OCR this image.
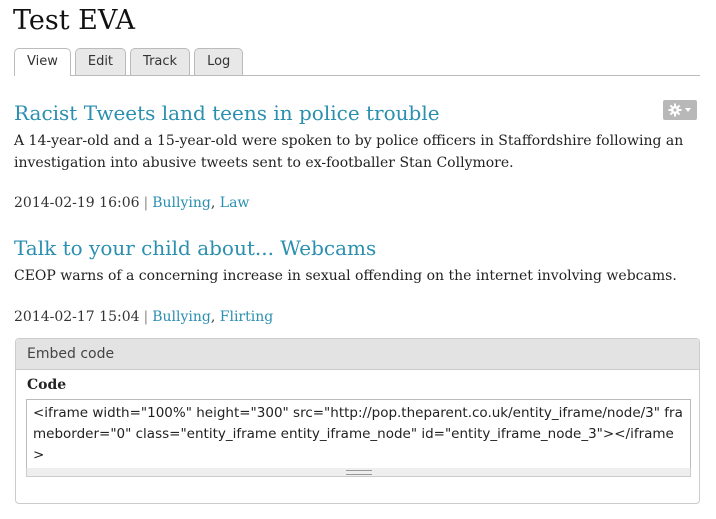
Test EVA
View	Edit	Track	Log
Racist Tweets land teens in police trouble

A 14-year-old and a 15-year-old were spoken to by police officers in Staffordshire following an investigation into abusive tweets sent to ex-footballer Stan Collymore.

2014-02-19 16:06 | Bullying, Law
Talk to your child about... Webcams

CEOP warns of a concerning increase in sexual offending on the internet involving webcams.

2014-02-17 15:04 | Bullying, Flirting
Embed code
Code
<iframe width="100%" height="300" src="http://pop.theparent.co.uk/entity_iframe/node/3" frameborder="0" class="entity_iframe entity_iframe_node" id="entity_iframe_node_3"></iframe>
